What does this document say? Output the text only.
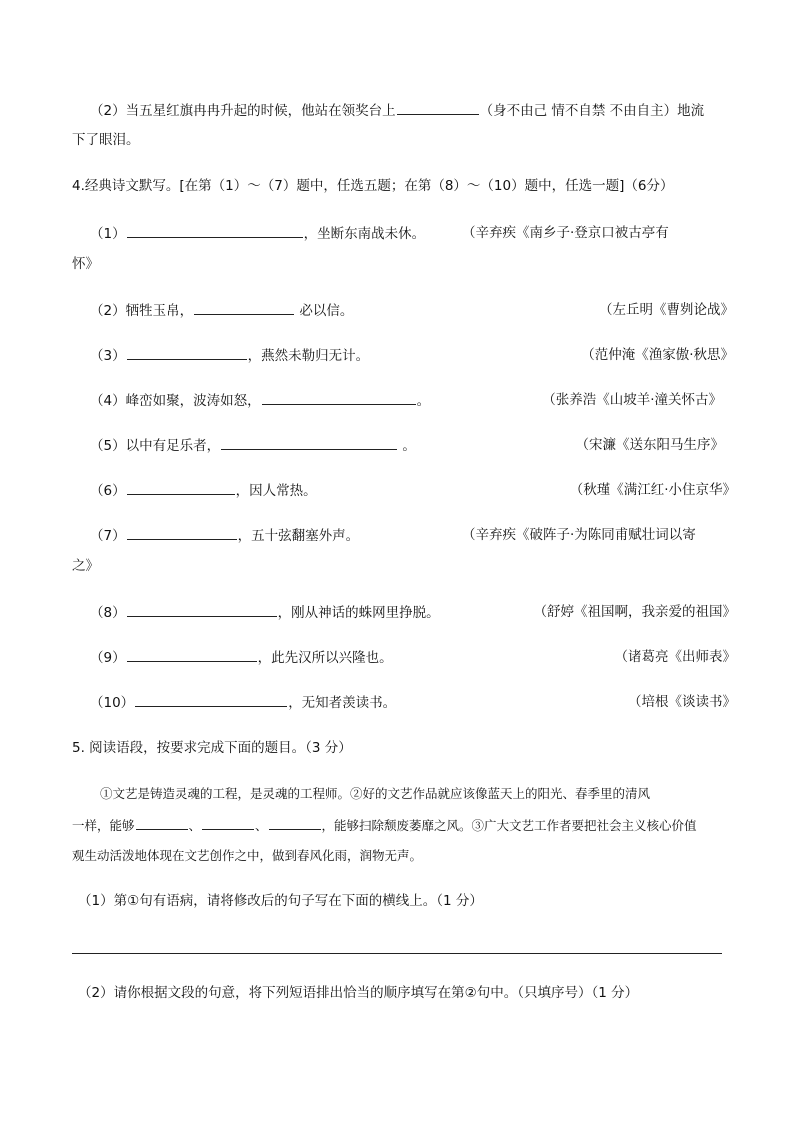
（2）当五星红旗冉冉升起的时候，他站在领奖台上	（身不由己 情不自禁 不由自主）地流
下了眼泪。
4.经典诗文默写。[在第（1）～（7）题中，任选五题；在第（8）～（10）题中，任选一题]（6分）
（1）	，坐断东南战未休。	（辛弃疾《南乡子·登京口被古亭有
怀》
（2）牺牲玉帛，	必以信。	（左丘明《曹刿论战》
（3）	，燕然未勒归无计。	（范仲淹《渔家傲·秋思》
（4）峰峦如聚，波涛如怒，	。	（张养浩《山坡羊·潼关怀古》
（5）以中有足乐者，	。	（宋濂《送东阳马生序》
（6）	，因人常热。	（秋瑾《满江红·小住京华》
（7）	，五十弦翻塞外声。	（辛弃疾《破阵子·为陈同甫赋壮词以寄
之》
（8）	，刚从神话的蛛网里挣脱。	（舒婷《祖国啊，我亲爱的祖国》
（9）	，此先汉所以兴隆也。	（诸葛亮《出师表》
（10）	，无知者羡读书。	（培根《谈读书》
5. 阅读语段，按要求完成下面的题目。（3 分）
①文艺是铸造灵魂的工程，是灵魂的工程师。②好的文艺作品就应该像蓝天上的阳光、春季里的清风
一样，能够	、	、	，能够扫除颓废萎靡之风。③广大文艺工作者要把社会主义核心价值
观生动活泼地体现在文艺创作之中，做到春风化雨，润物无声。
（1）第①句有语病，请将修改后的句子写在下面的横线上。（1 分）
（2）请你根据文段的句意，将下列短语排出恰当的顺序填写在第②句中。（只填序号）（1 分）
